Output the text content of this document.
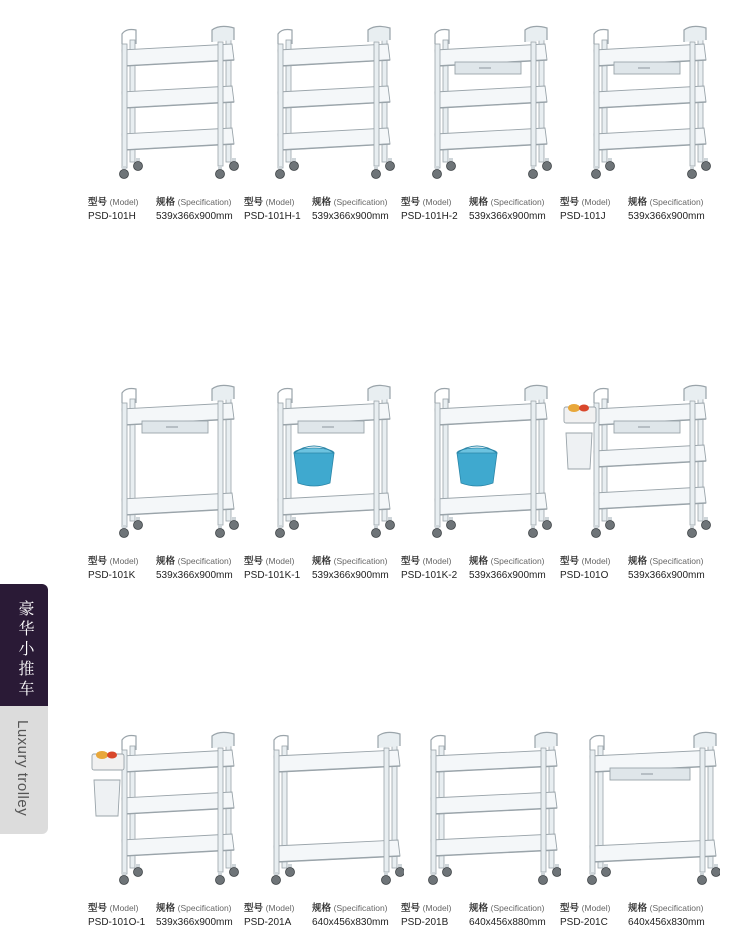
型号 (Model) 规格 (Specification)
PSD-101H 539x366x900mm
型号 (Model) 规格 (Specification)
PSD-101H-1 539x366x900mm
型号 (Model) 规格 (Specification)
PSD-101H-2 539x366x900mm
型号 (Model) 规格 (Specification)
PSD-101J 539x366x900mm
型号 (Model) 规格 (Specification)
PSD-101K 539x366x900mm
型号 (Model) 规格 (Specification)
PSD-101K-1 539x366x900mm
型号 (Model) 规格 (Specification)
PSD-101K-2 539x366x900mm
型号 (Model) 规格 (Specification)
PSD-101O 539x366x900mm
型号 (Model) 规格 (Specification)
PSD-101O-1 539x366x900mm
型号 (Model) 规格 (Specification)
PSD-201A 640x456x830mm
型号 (Model) 规格 (Specification)
PSD-201B 640x456x880mm
型号 (Model) 规格 (Specification)
PSD-201C 640x456x830mm
豪华小推车
Luxury trolley
